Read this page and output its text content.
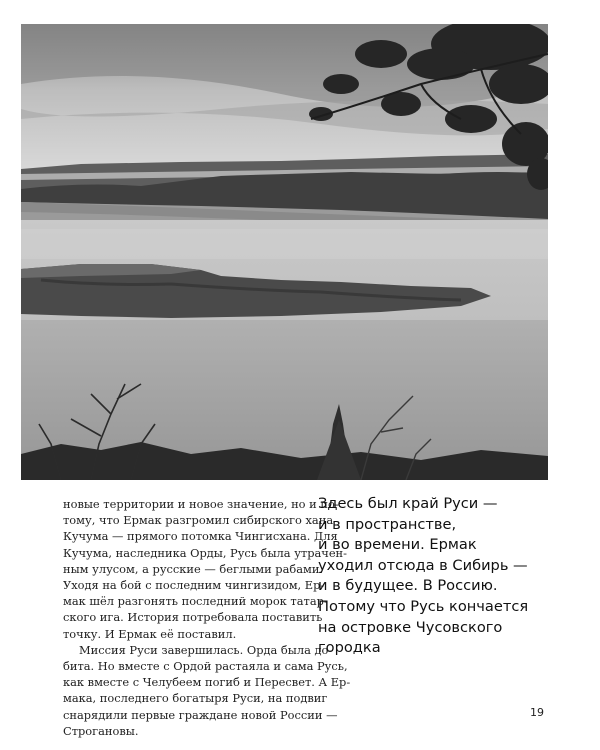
новые территории и новое значение, но и по-
тому, что Ермак разгромил сибирского хана
Кучума — прямого потомка Чингисхана. Для
Кучума, наследника Орды, Русь была утрачен-
ным улусом, а русские — беглыми рабами.
Уходя на бой с последним чингизидом, Ер-
мак шёл разгонять последний морок татар-
ского ига. История потребовала поставить
точку. И Ермак её поставил.
Миссия Руси завершилась. Орда была до-
бита. Но вместе с Ордой растаяла и сама Русь,
как вместе с Челубеем погиб и Пересвет. А Ер-
мака, последнего богатыря Руси, на подвиг
снарядили первые граждане новой России —
Строгановы.
Здесь был край Руси —
и в пространстве,
и во времени. Ермак
уходил отсюда в Сибирь —
и в будущее. В Россию.
Потому что Русь кончается
на островке Чусовского
городка
19
